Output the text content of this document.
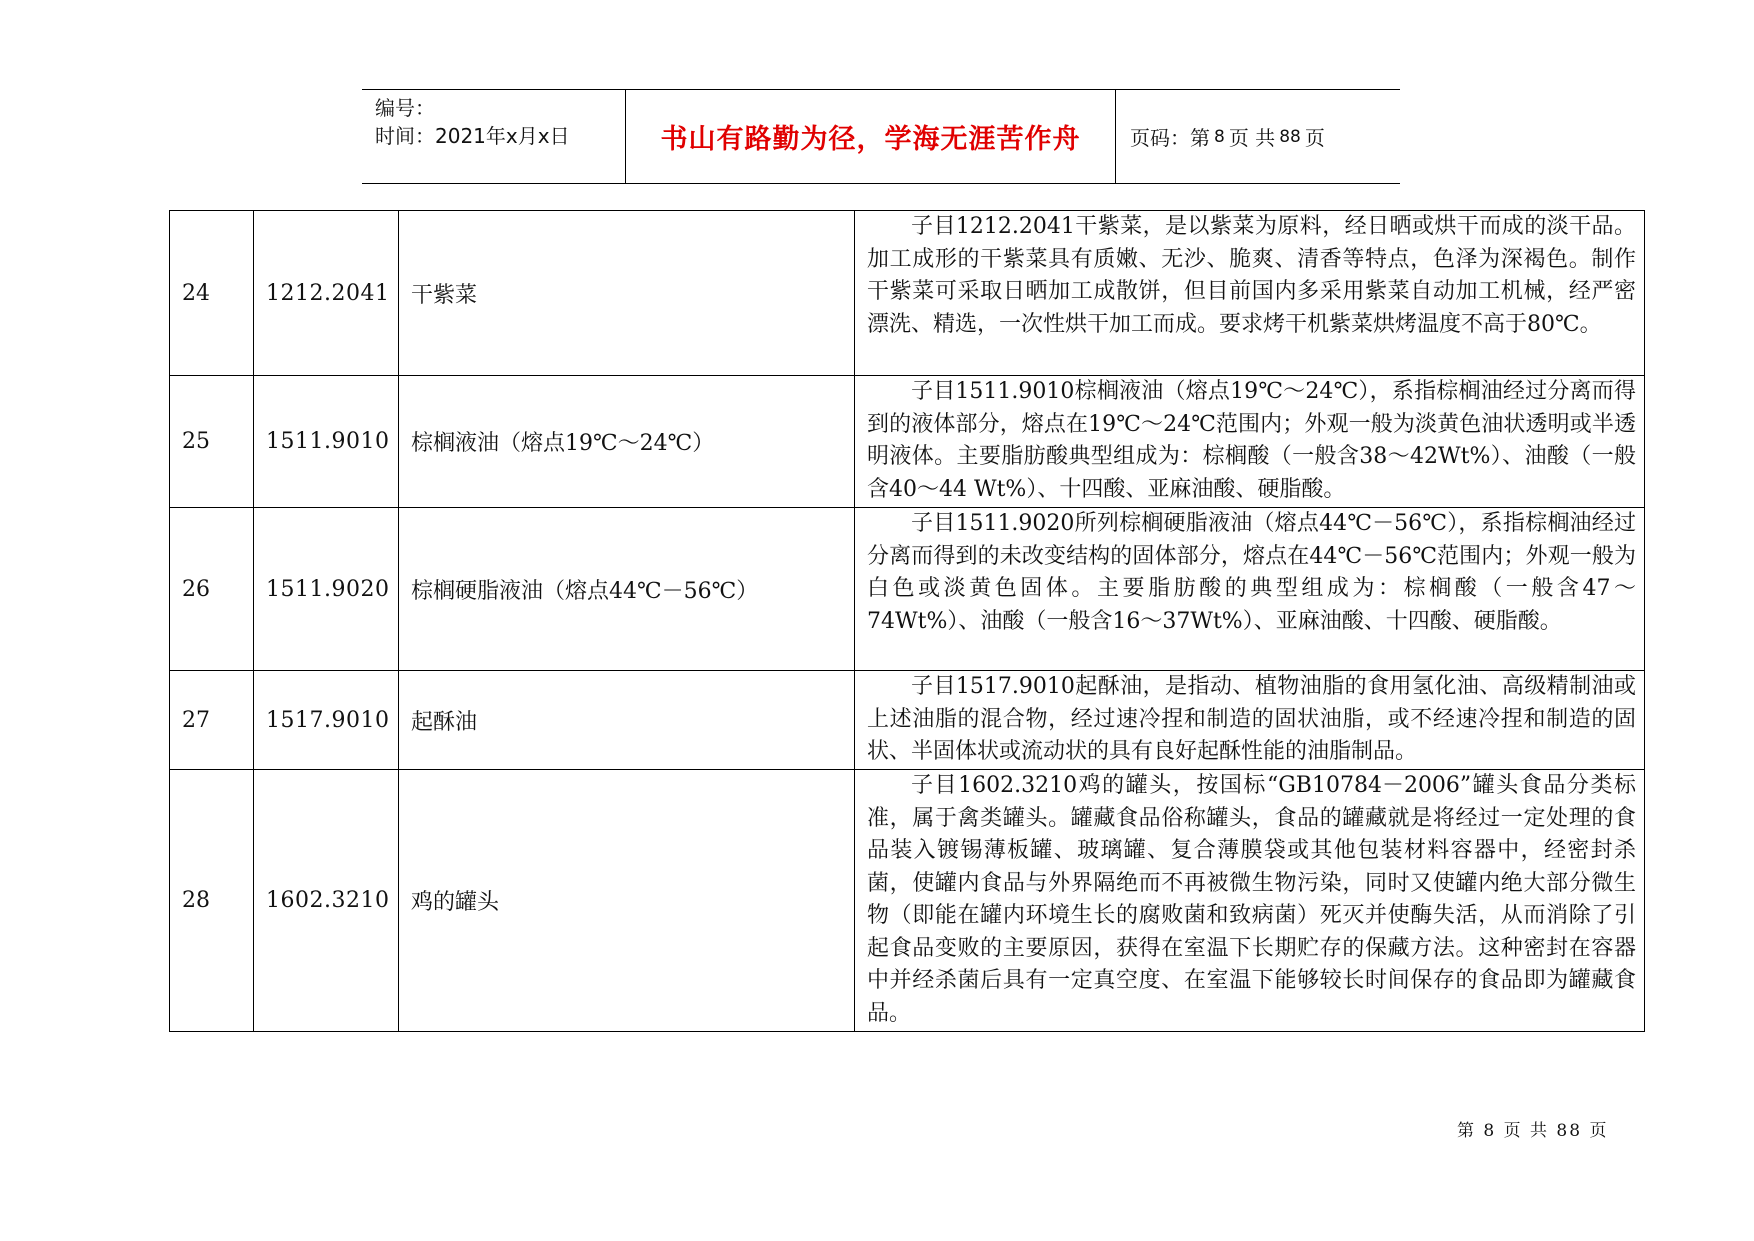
编号：
时间：2021年x月x日	书山有路勤为径，学海无涯苦作舟 页码：第 8 页 共 88 页
24	1212.2041	干紫菜	子目1212.2041干紫菜，是以紫菜为原料，经日晒或烘干而成的淡干品。加工成形的干紫菜具有质嫩、无沙、脆爽、清香等特点，色泽为深褐色。制作干紫菜可采取日晒加工成散饼，但目前国内多采用紫菜自动加工机械，经严密漂洗、精选，一次性烘干加工而成。要求烤干机紫菜烘烤温度不高于80℃。
25	1511.9010	棕榈液油（熔点19℃～24℃）	子目1511.9010棕榈液油（熔点19℃～24℃），系指棕榈油经过分离而得到的液体部分，熔点在19℃～24℃范围内；外观一般为淡黄色油状透明或半透明液体。主要脂肪酸典型组成为：棕榈酸（一般含38～42Wt%）、油酸（一般含40～44 Wt%）、十四酸、亚麻油酸、硬脂酸。
26	1511.9020	棕榈硬脂液油（熔点44℃－56℃）	子目1511.9020所列棕榈硬脂液油（熔点44℃－56℃），系指棕榈油经过分离而得到的未改变结构的固体部分，熔点在44℃－56℃范围内；外观一般为白色或淡黄色固体。主要脂肪酸的典型组成为：棕榈酸（一般含47～74Wt%）、油酸（一般含16～37Wt%）、亚麻油酸、十四酸、硬脂酸。
27	1517.9010	起酥油	子目1517.9010起酥油，是指动、植物油脂的食用氢化油、高级精制油或上述油脂的混合物，经过速冷捏和制造的固状油脂，或不经速冷捏和制造的固状、半固体状或流动状的具有良好起酥性能的油脂制品。
28	1602.3210	鸡的罐头	子目1602.3210鸡的罐头，按国标“GB10784－2006”罐头食品分类标准，属于禽类罐头。罐藏食品俗称罐头，食品的罐藏就是将经过一定处理的食品装入镀锡薄板罐、玻璃罐、复合薄膜袋或其他包装材料容器中，经密封杀菌，使罐内食品与外界隔绝而不再被微生物污染，同时又使罐内绝大部分微生物（即能在罐内环境生长的腐败菌和致病菌）死灭并使酶失活，从而消除了引起食品变败的主要原因，获得在室温下长期贮存的保藏方法。这种密封在容器中并经杀菌后具有一定真空度、在室温下能够较长时间保存的食品即为罐藏食品。
第 8 页 共 88 页
